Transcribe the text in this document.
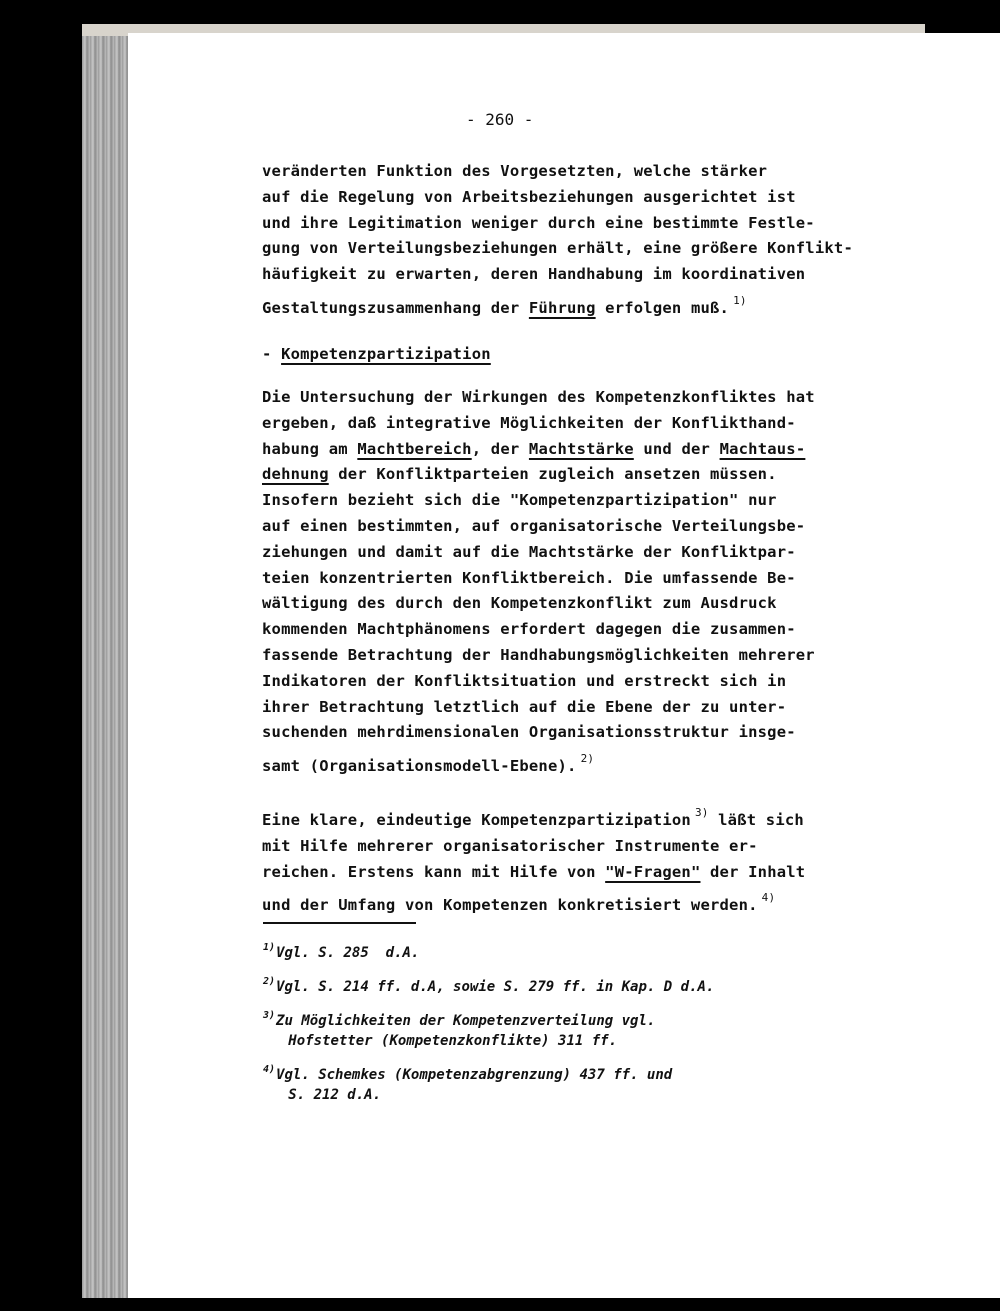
- 260 -
veränderten Funktion des Vorgesetzten, welche stärker
auf die Regelung von Arbeitsbeziehungen ausgerichtet ist
und ihre Legitimation weniger durch eine bestimmte Festle-
gung von Verteilungsbeziehungen erhält, eine größere Konflikt-
häufigkeit zu erwarten, deren Handhabung im koordinativen
Gestaltungszusammenhang der Führung erfolgen muß. $^{1)}$
- Kompetenzpartizipation
Die Untersuchung der Wirkungen des Kompetenzkonfliktes hat
ergeben, daß integrative Möglichkeiten der Konflikthand-
habung am Machtbereich, der Machtstärke und der Machtaus-
dehnung der Konfliktparteien zugleich ansetzen müssen.
Insofern bezieht sich die "Kompetenzpartizipation" nur
auf einen bestimmten, auf organisatorische Verteilungsbe-
ziehungen und damit auf die Machtstärke der Konfliktpar-
teien konzentrierten Konfliktbereich. Die umfassende Be-
wältigung des durch den Kompetenzkonflikt zum Ausdruck
kommenden Machtphänomens erfordert dagegen die zusammen-
fassende Betrachtung der Handhabungsmöglichkeiten mehrerer
Indikatoren der Konfliktsituation und erstreckt sich in
ihrer Betrachtung letztlich auf die Ebene der zu unter-
suchenden mehrdimensionalen Organisationsstruktur insge-
samt (Organisationsmodell-Ebene). $^{2)}$
Eine klare, eindeutige Kompetenzpartizipation $^{3)}$ läßt sich
mit Hilfe mehrerer organisatorischer Instrumente er-
reichen. Erstens kann mit Hilfe von "W-Fragen" der Inhalt
und der Umfang von Kompetenzen konkretisiert werden. $^{4)}$
$^{1)}$Vgl. S. 285  d.A.
$^{2)}$Vgl. S. 214 ff. d.A, sowie S. 279 ff. in Kap. D d.A.
$^{3)}$Zu Möglichkeiten der Kompetenzverteilung vgl.
Hofstetter (Kompetenzkonflikte) 311 ff.
$^{4)}$Vgl. Schemkes (Kompetenzabgrenzung) 437 ff. und
S. 212 d.A.
